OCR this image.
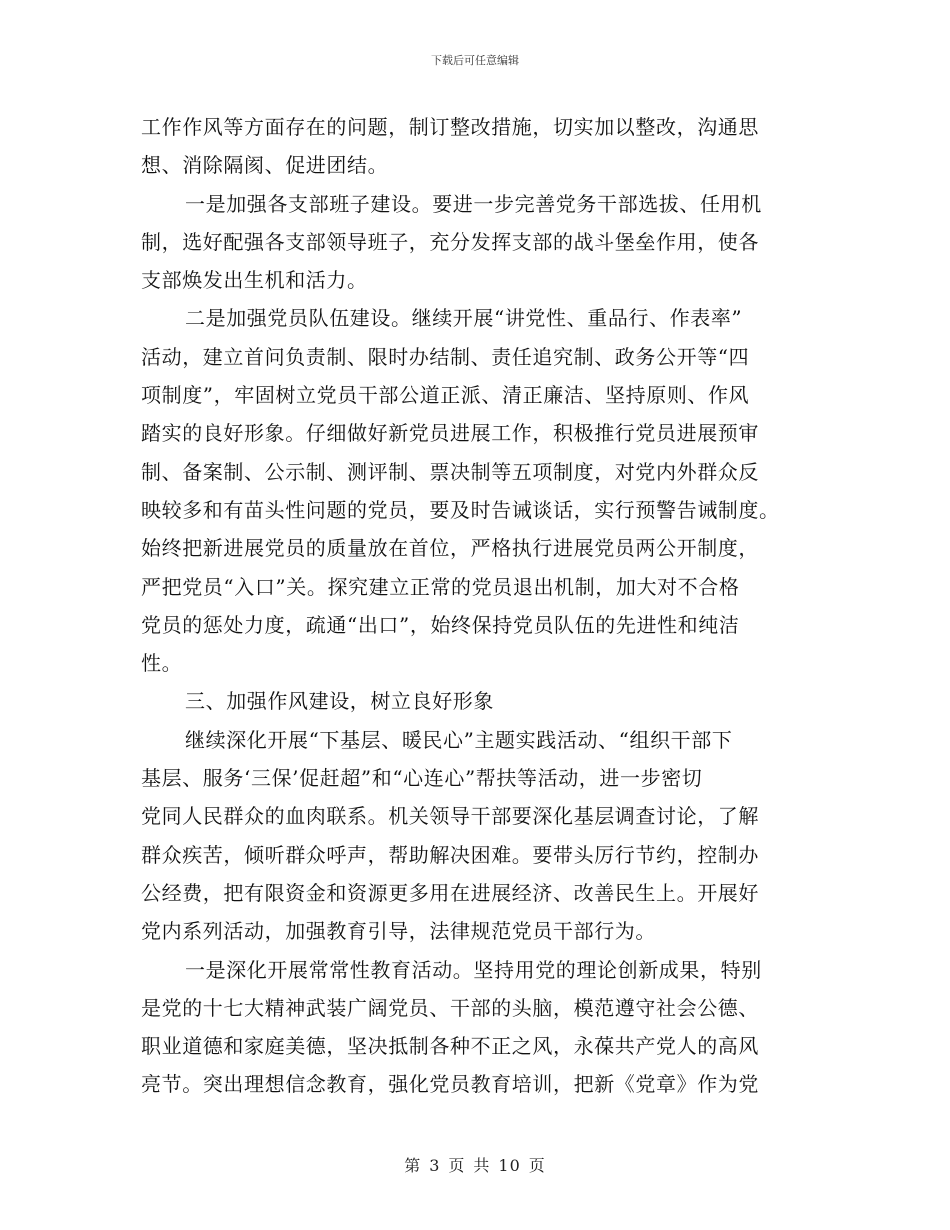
下载后可任意编辑
工作作风等方面存在的问题，制订整改措施，切实加以整改，沟通思
想、消除隔阂、促进团结。
一是加强各支部班子建设。要进一步完善党务干部选拔、任用机
制，选好配强各支部领导班子，充分发挥支部的战斗堡垒作用，使各
支部焕发出生机和活力。
二是加强党员队伍建设。继续开展“讲党性、重品行、作表率”
活动，建立首问负责制、限时办结制、责任追究制、政务公开等“四
项制度”，牢固树立党员干部公道正派、清正廉洁、坚持原则、作风
踏实的良好形象。仔细做好新党员进展工作，积极推行党员进展预审
制、备案制、公示制、测评制、票决制等五项制度，对党内外群众反
映较多和有苗头性问题的党员，要及时告诫谈话，实行预警告诫制度。
始终把新进展党员的质量放在首位，严格执行进展党员两公开制度，
严把党员“入口”关。探究建立正常的党员退出机制，加大对不合格
党员的惩处力度，疏通“出口”，始终保持党员队伍的先进性和纯洁
性。
三、加强作风建设，树立良好形象
继续深化开展“下基层、暖民心”主题实践活动、“组织干部下
基层、服务‘三保’促赶超”和“心连心”帮扶等活动，进一步密切
党同人民群众的血肉联系。机关领导干部要深化基层调查讨论，了解
群众疾苦，倾听群众呼声，帮助解决困难。要带头厉行节约，控制办
公经费，把有限资金和资源更多用在进展经济、改善民生上。开展好
党内系列活动，加强教育引导，法律规范党员干部行为。
一是深化开展常常性教育活动。坚持用党的理论创新成果，特别
是党的十七大精神武装广阔党员、干部的头脑，模范遵守社会公德、
职业道德和家庭美德，坚决抵制各种不正之风，永葆共产党人的高风
亮节。突出理想信念教育，强化党员教育培训，把新《党章》作为党
第 3 页 共 10 页
